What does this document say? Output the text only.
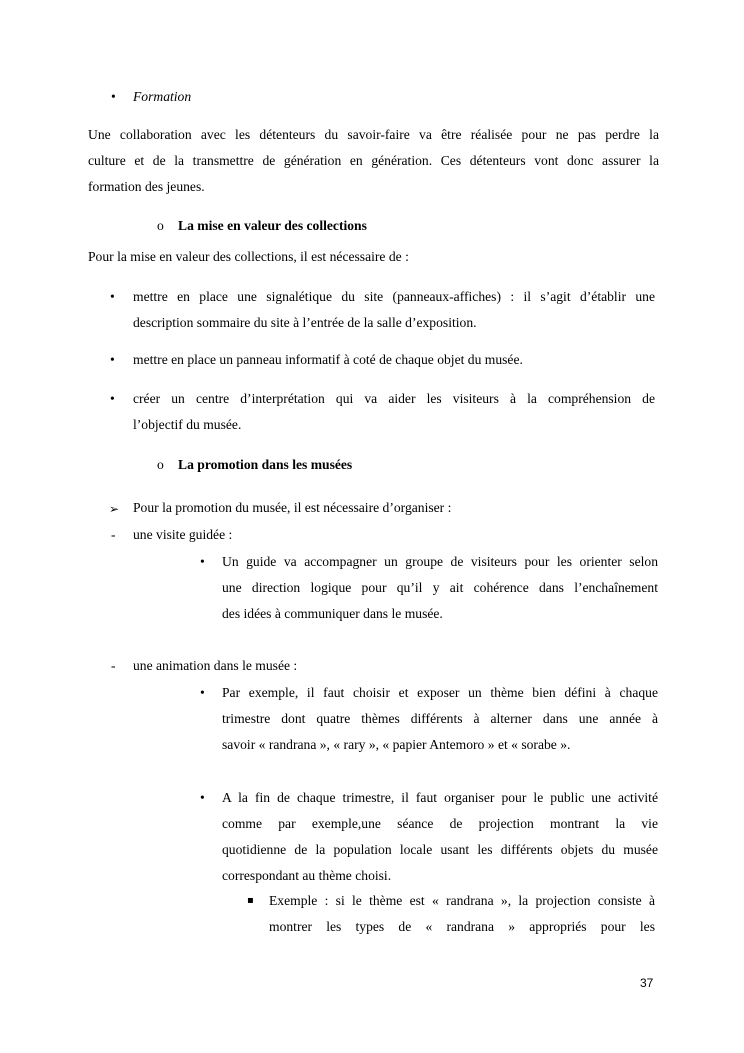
• Formation
Une collaboration avec les détenteurs du savoir-faire va être réalisée pour ne pas perdre la
culture et de la transmettre de génération en génération. Ces détenteurs vont donc assurer la
formation des jeunes.
o La mise en valeur des collections
Pour la mise en valeur des collections, il est nécessaire de :
• mettre en place une signalétique du site (panneaux-affiches) : il s’agit d’établir une
description sommaire du site à l’entrée de la salle d’exposition.
• mettre en place un panneau informatif à coté de chaque objet du musée.
• créer un centre d’interprétation qui va aider les visiteurs à la compréhension de
l’objectif du musée.
o La promotion dans les musées
➢ Pour la promotion du musée, il est nécessaire d’organiser :
- une visite guidée :
• Un guide va accompagner un groupe de visiteurs pour les orienter selon
une direction logique pour qu’il y ait cohérence dans l’enchaînement
des idées à communiquer dans le musée.
- une animation dans le musée :
• Par exemple, il faut choisir et exposer un thème bien défini à chaque
trimestre dont quatre thèmes différents à alterner dans une année à
savoir « randrana », « rary », « papier Antemoro » et « sorabe ».
• A la fin de chaque trimestre, il faut organiser pour le public une activité
comme par exemple,une séance de projection montrant la vie
quotidienne de la population locale usant les différents objets du musée
correspondant au thème choisi.
▪ Exemple : si le thème est « randrana », la projection consiste à
montrer les types de « randrana » appropriés pour les
37
